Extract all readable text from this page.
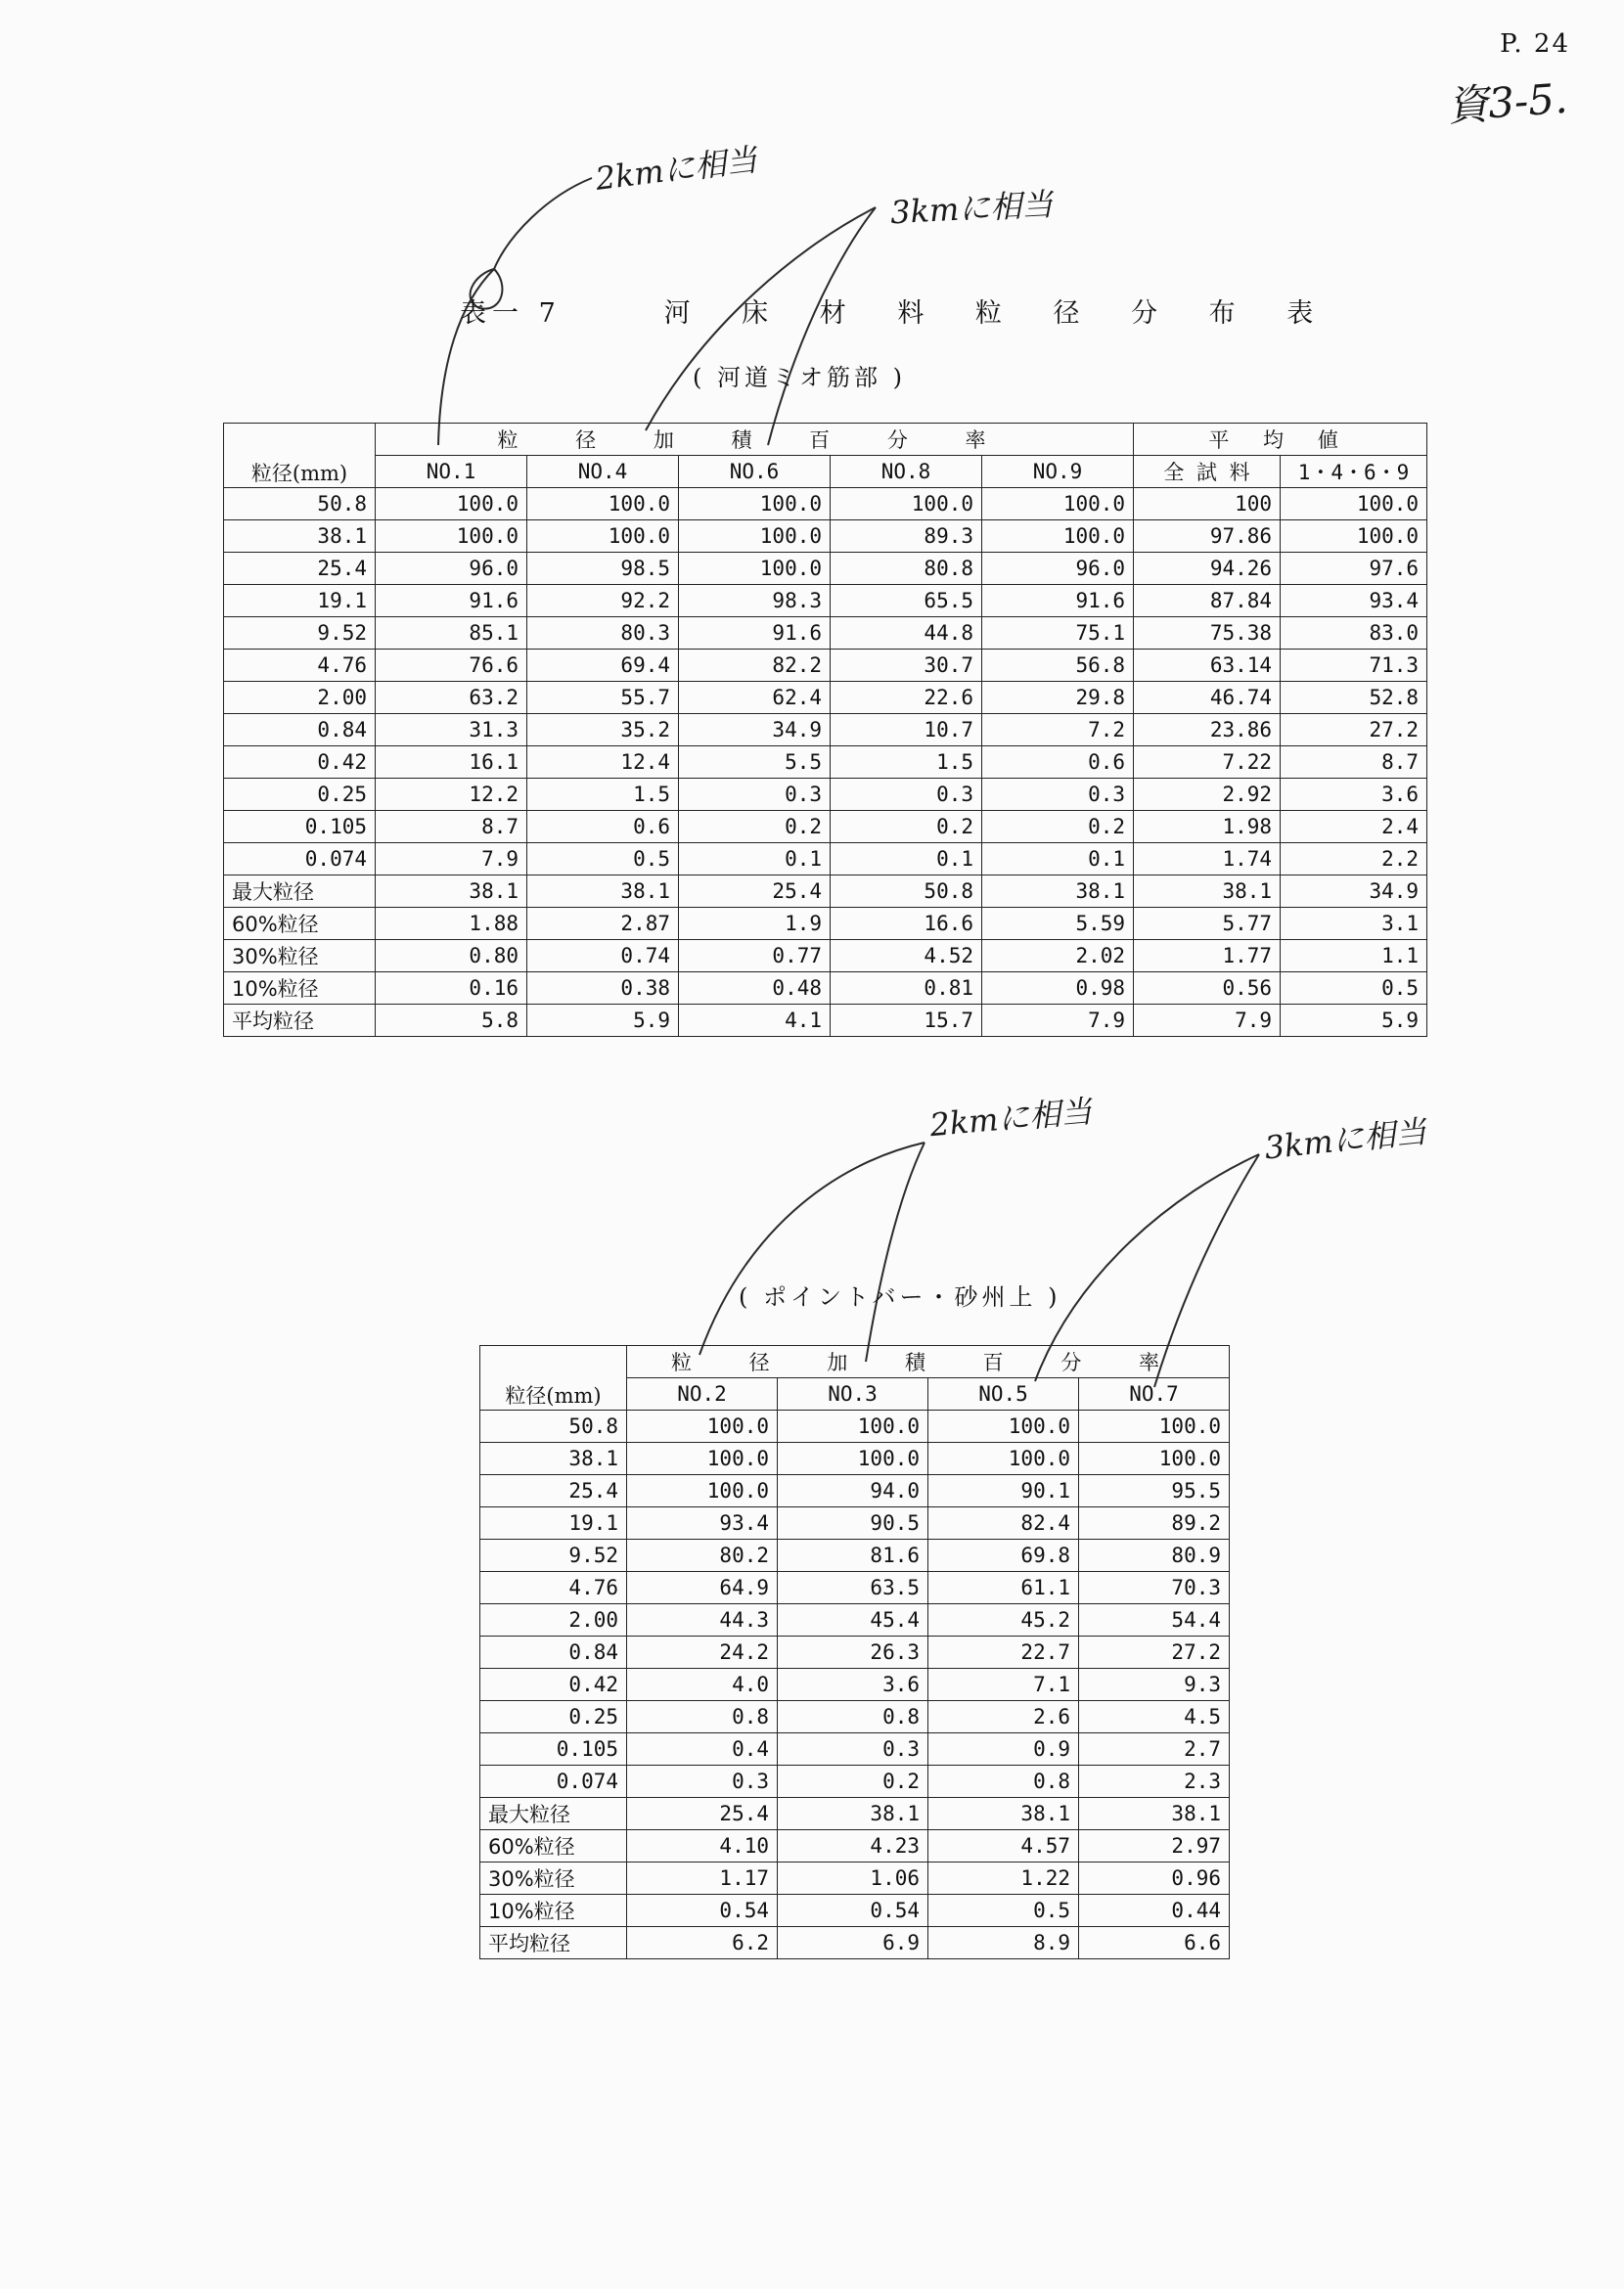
P. 24
資3-5.
2kmに相当
3kmに相当
2kmに相当	3kmに相当
表一 7	河 床 材 料 粒 径 分 布 表
( 河道ミオ筋部 )
粒径(mm)	粒 径 加 積 百 分 率					平 均 値	
	NO.1	NO.4	NO.6	NO.8	NO.9	全 試 料	1・4・6・9
50.8	100.0	100.0	100.0	100.0	100.0	100	100.0
38.1	100.0	100.0	100.0	89.3	100.0	97.86	100.0
25.4	96.0	98.5	100.0	80.8	96.0	94.26	97.6
19.1	91.6	92.2	98.3	65.5	91.6	87.84	93.4
9.52	85.1	80.3	91.6	44.8	75.1	75.38	83.0
4.76	76.6	69.4	82.2	30.7	56.8	63.14	71.3
2.00	63.2	55.7	62.4	22.6	29.8	46.74	52.8
0.84	31.3	35.2	34.9	10.7	7.2	23.86	27.2
0.42	16.1	12.4	5.5	1.5	0.6	7.22	8.7
0.25	12.2	1.5	0.3	0.3	0.3	2.92	3.6
0.105	8.7	0.6	0.2	0.2	0.2	1.98	2.4
0.074	7.9	0.5	0.1	0.1	0.1	1.74	2.2
最大粒径	38.1	38.1	25.4	50.8	38.1	38.1	34.9
60%粒径	1.88	2.87	1.9	16.6	5.59	5.77	3.1
30%粒径	0.80	0.74	0.77	4.52	2.02	1.77	1.1
10%粒径	0.16	0.38	0.48	0.81	0.98	0.56	0.5
平均粒径	5.8	5.9	4.1	15.7	7.9	7.9	5.9
( ポイントバー・砂州上 )
粒径(mm)	粒 径 加 積 百 分 率			
	NO.2	NO.3	NO.5	NO.7
50.8	100.0	100.0	100.0	100.0
38.1	100.0	100.0	100.0	100.0
25.4	100.0	94.0	90.1	95.5
19.1	93.4	90.5	82.4	89.2
9.52	80.2	81.6	69.8	80.9
4.76	64.9	63.5	61.1	70.3
2.00	44.3	45.4	45.2	54.4
0.84	24.2	26.3	22.7	27.2
0.42	4.0	3.6	7.1	9.3
0.25	0.8	0.8	2.6	4.5
0.105	0.4	0.3	0.9	2.7
0.074	0.3	0.2	0.8	2.3
最大粒径	25.4	38.1	38.1	38.1
60%粒径	4.10	4.23	4.57	2.97
30%粒径	1.17	1.06	1.22	0.96
10%粒径	0.54	0.54	0.5	0.44
平均粒径	6.2	6.9	8.9	6.6
